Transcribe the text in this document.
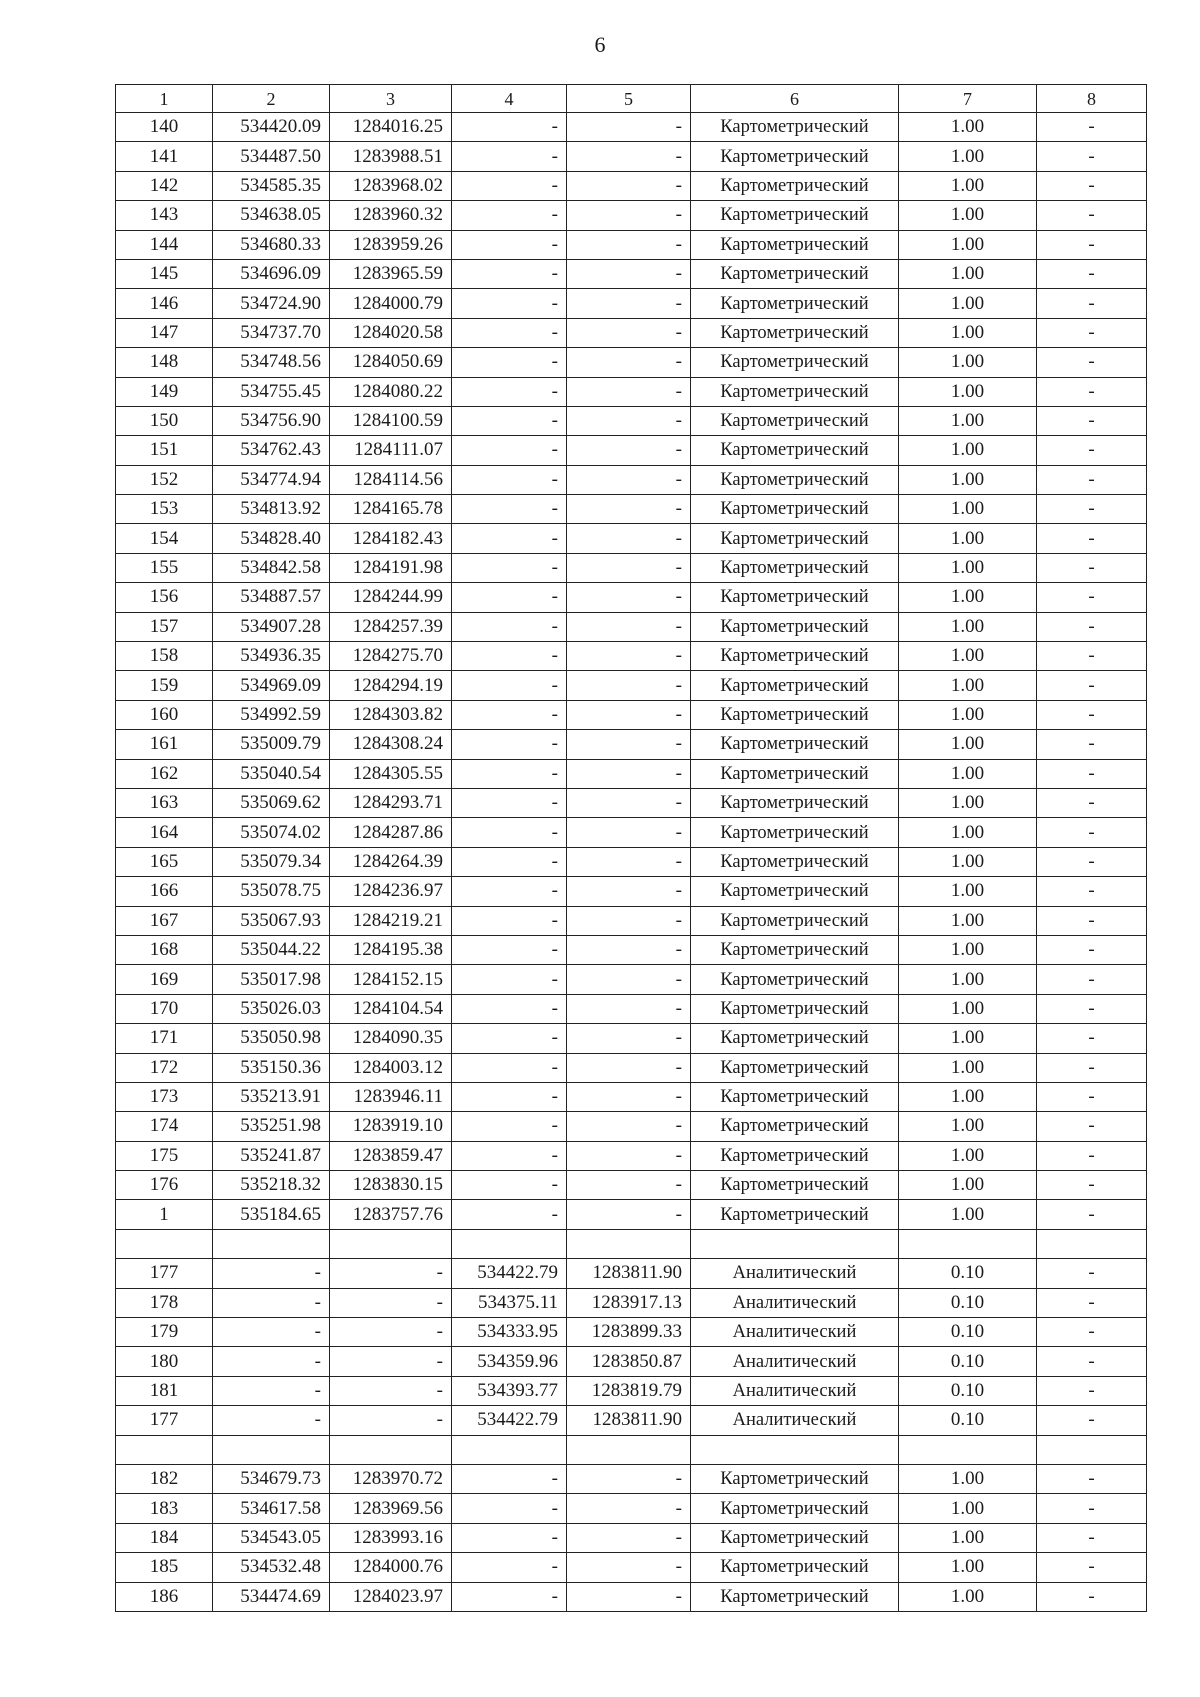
6
1	2	3	4	5	6	7	8
140	534420.09	1284016.25	-	-	Картометрический	1.00	-
141	534487.50	1283988.51	-	-	Картометрический	1.00	-
142	534585.35	1283968.02	-	-	Картометрический	1.00	-
143	534638.05	1283960.32	-	-	Картометрический	1.00	-
144	534680.33	1283959.26	-	-	Картометрический	1.00	-
145	534696.09	1283965.59	-	-	Картометрический	1.00	-
146	534724.90	1284000.79	-	-	Картометрический	1.00	-
147	534737.70	1284020.58	-	-	Картометрический	1.00	-
148	534748.56	1284050.69	-	-	Картометрический	1.00	-
149	534755.45	1284080.22	-	-	Картометрический	1.00	-
150	534756.90	1284100.59	-	-	Картометрический	1.00	-
151	534762.43	1284111.07	-	-	Картометрический	1.00	-
152	534774.94	1284114.56	-	-	Картометрический	1.00	-
153	534813.92	1284165.78	-	-	Картометрический	1.00	-
154	534828.40	1284182.43	-	-	Картометрический	1.00	-
155	534842.58	1284191.98	-	-	Картометрический	1.00	-
156	534887.57	1284244.99	-	-	Картометрический	1.00	-
157	534907.28	1284257.39	-	-	Картометрический	1.00	-
158	534936.35	1284275.70	-	-	Картометрический	1.00	-
159	534969.09	1284294.19	-	-	Картометрический	1.00	-
160	534992.59	1284303.82	-	-	Картометрический	1.00	-
161	535009.79	1284308.24	-	-	Картометрический	1.00	-
162	535040.54	1284305.55	-	-	Картометрический	1.00	-
163	535069.62	1284293.71	-	-	Картометрический	1.00	-
164	535074.02	1284287.86	-	-	Картометрический	1.00	-
165	535079.34	1284264.39	-	-	Картометрический	1.00	-
166	535078.75	1284236.97	-	-	Картометрический	1.00	-
167	535067.93	1284219.21	-	-	Картометрический	1.00	-
168	535044.22	1284195.38	-	-	Картометрический	1.00	-
169	535017.98	1284152.15	-	-	Картометрический	1.00	-
170	535026.03	1284104.54	-	-	Картометрический	1.00	-
171	535050.98	1284090.35	-	-	Картометрический	1.00	-
172	535150.36	1284003.12	-	-	Картометрический	1.00	-
173	535213.91	1283946.11	-	-	Картометрический	1.00	-
174	535251.98	1283919.10	-	-	Картометрический	1.00	-
175	535241.87	1283859.47	-	-	Картометрический	1.00	-
176	535218.32	1283830.15	-	-	Картометрический	1.00	-
1	535184.65	1283757.76	-	-	Картометрический	1.00	-

177	-	-	534422.79	1283811.90	Аналитический	0.10	-
178	-	-	534375.11	1283917.13	Аналитический	0.10	-
179	-	-	534333.95	1283899.33	Аналитический	0.10	-
180	-	-	534359.96	1283850.87	Аналитический	0.10	-
181	-	-	534393.77	1283819.79	Аналитический	0.10	-
177	-	-	534422.79	1283811.90	Аналитический	0.10	-

182	534679.73	1283970.72	-	-	Картометрический	1.00	-
183	534617.58	1283969.56	-	-	Картометрический	1.00	-
184	534543.05	1283993.16	-	-	Картометрический	1.00	-
185	534532.48	1284000.76	-	-	Картометрический	1.00	-
186	534474.69	1284023.97	-	-	Картометрический	1.00	-
